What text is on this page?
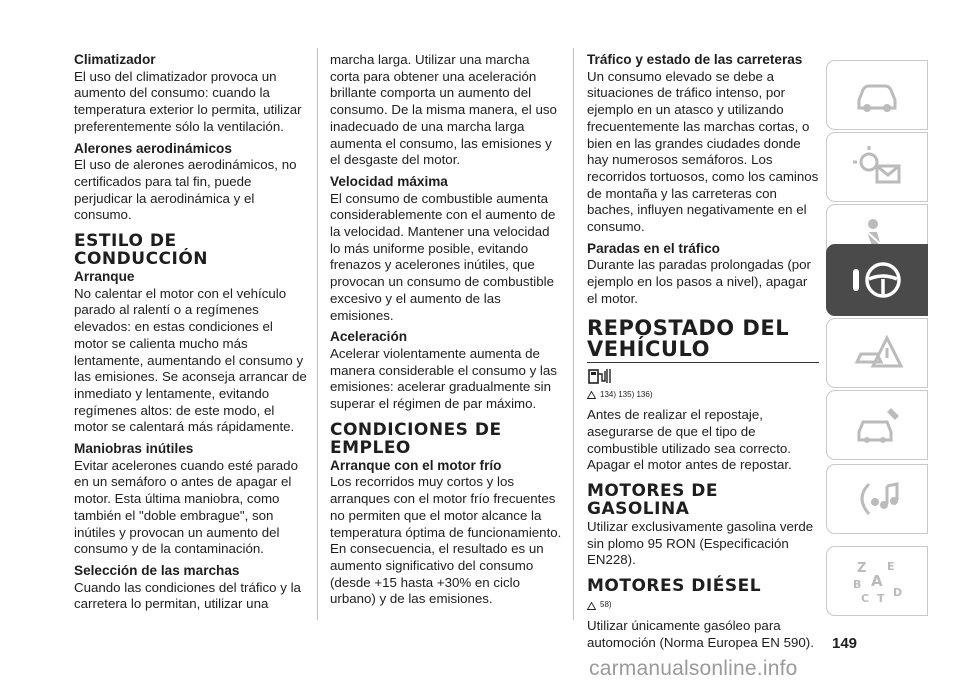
Climatizador
El uso del climatizador provoca un aumento del consumo: cuando la temperatura exterior lo permita, utilizar preferentemente sólo la ventilación.
Alerones aerodinámicos
El uso de alerones aerodinámicos, no certificados para tal fin, puede perjudicar la aerodinámica y el consumo.
ESTILO DE CONDUCCIÓN
Arranque
No calentar el motor con el vehículo parado al ralentí o a regímenes elevados: en estas condiciones el motor se calienta mucho más lentamente, aumentando el consumo y las emisiones. Se aconseja arrancar de inmediato y lentamente, evitando regímenes altos: de este modo, el motor se calentará más rápidamente.
Maniobras inútiles
Evitar acelerones cuando esté parado en un semáforo o antes de apagar el motor. Esta última maniobra, como también el "doble embrague", son inútiles y provocan un aumento del consumo y de la contaminación.
Selección de las marchas
Cuando las condiciones del tráfico y la carretera lo permitan, utilizar una
marcha larga. Utilizar una marcha corta para obtener una aceleración brillante comporta un aumento del consumo. De la misma manera, el uso inadecuado de una marcha larga aumenta el consumo, las emisiones y el desgaste del motor.
Velocidad máxima
El consumo de combustible aumenta considerablemente con el aumento de la velocidad. Mantener una velocidad lo más uniforme posible, evitando frenazos y acelerones inútiles, que provocan un consumo de combustible excesivo y el aumento de las emisiones.
Aceleración
Acelerar violentamente aumenta de manera considerable el consumo y las emisiones: acelerar gradualmente sin superar el régimen de par máximo.
CONDICIONES DE EMPLEO
Arranque con el motor frío
Los recorridos muy cortos y los arranques con el motor frío frecuentes no permiten que el motor alcance la temperatura óptima de funcionamiento. En consecuencia, el resultado es un aumento significativo del consumo (desde +15 hasta +30% en ciclo urbano) y de las emisiones.
Tráfico y estado de las carreteras
Un consumo elevado se debe a situaciones de tráfico intenso, por ejemplo en un atasco y utilizando frecuentemente las marchas cortas, o bien en las grandes ciudades donde hay numerosos semáforos. Los recorridos tortuosos, como los caminos de montaña y las carreteras con baches, influyen negativamente en el consumo.
Paradas en el tráfico
Durante las paradas prolongadas (por ejemplo en los pasos a nivel), apagar el motor.
REPOSTADO DEL VEHÍCULO
134) 135) 136)
Antes de realizar el repostaje, asegurarse de que el tipo de combustible utilizado sea correcto. Apagar el motor antes de repostar.
MOTORES DE GASOLINA
Utilizar exclusivamente gasolina verde sin plomo 95 RON (Especificación EN228).
MOTORES DIÉSEL
58)
Utilizar únicamente gasóleo para automoción (Norma Europea EN 590).
Z E
B A
C T D
149
carmanualsonline.info
